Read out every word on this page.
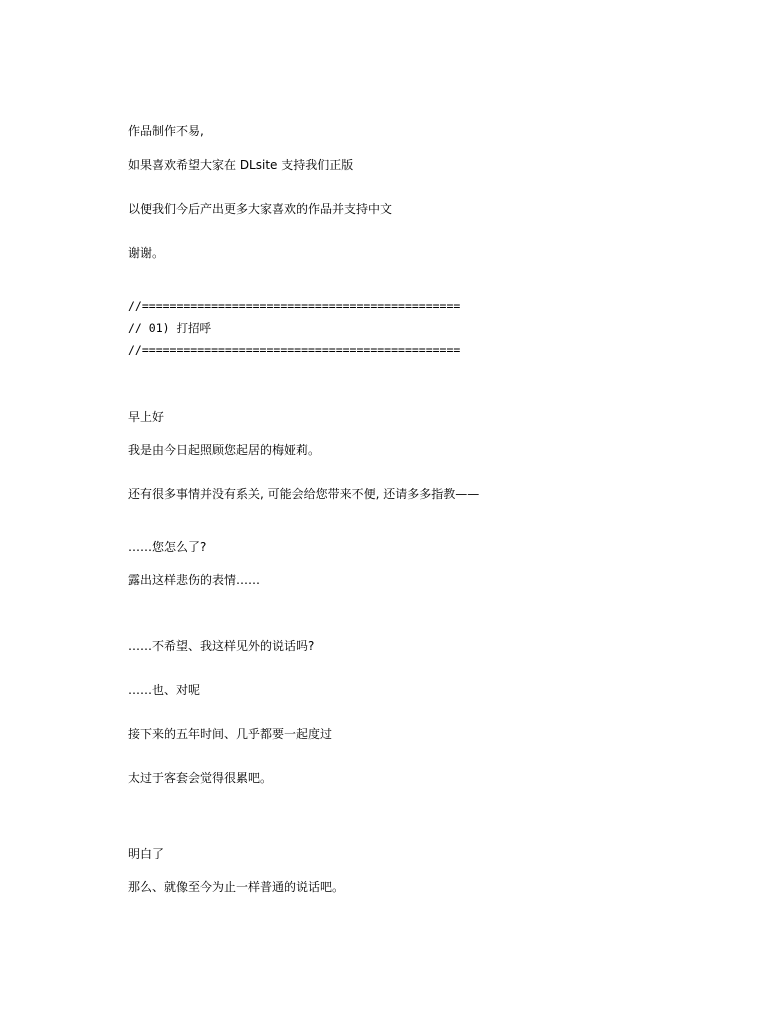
作品制作不易,
如果喜欢希望大家在 DLsite 支持我们正版
以便我们今后产出更多大家喜欢的作品并支持中文
谢谢。
//==============================================
// 01) 打招呼
//==============================================
早上好
我是由今日起照顾您起居的梅娅莉。
还有很多事情并没有系关, 可能会给您带来不便, 还请多多指教——
……您怎么了?
露出这样悲伤的表情……
……不希望、我这样见外的说话吗?
……也、对呢
接下来的五年时间、几乎都要一起度过
太过于客套会觉得很累吧。
明白了
那么、就像至今为止一样普通的说话吧。
